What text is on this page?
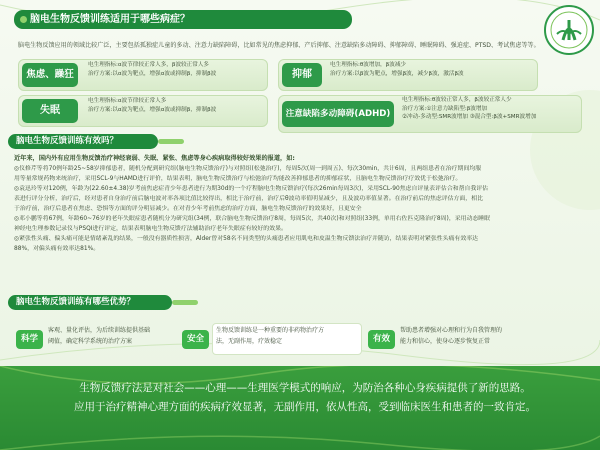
脑电生物反馈训练适用于哪些病症？
脑电生物反馈应用的领域比较广泛，主要包括孤独症儿童的多动、注意力缺陷障碍，比如常见的焦虑抑郁、产后抑郁、注意缺陷多动障碍、抑郁障碍、睡眠障碍、强迫症、PTSD、考试焦虑等等。
焦虑、躁狂
电生理指标:α波节律较正常人多，β波较正常人多
治疗方案:以α波为靶点，增强α波或抑制β，抑制β波
失眠
电生理指标:α波节律较正常人多
治疗方案:以α波为靶点，增强α波或抑制β，抑制β波
抑郁
电生理指标:θ波增加，β波减少
治疗方案:以β波为靶点，增强β波，减少β波，激活β波
注意缺陷多动障碍(ADHD)
电生理指标:θ波较正常人多，β波较正常人少
治疗方案:①注意力缺陷型:β波增加
②冲动-多动型:SMR波增加 ③混合型:β波+SMR波增加
脑电生物反馈训练有效吗？
近年来，国内外有应用生物反馈治疗神经衰弱、失眠、紧张、焦虑等身心疾病取得较好效果的报道，如:
◎仪修芹等将70例年龄25~58岁抑郁患者，随机分配到研究组(脑电生物反馈治疗)与对照组(松弛治疗)，每周5次(周一到周五)、每次30min，共计6周，且两组患者在治疗期间均服
用等量常规药物来统治疗，采用SCL-9与HAMD进行评价，结果表明，脑电生物反馈治疗与松弛治疗均能改善抑郁患者的抑郁症状，且脑电生物反馈治疗疗效优于松弛治疗。
◎袁迅玲等对120例，年龄为(22.60±4.38)岁考前焦虑症青少年患者进行为期30d的一个疗程脑电生物反馈治疗(每次26min每周3次)，采用SCL-90焦虑自评量表评估合和帮自我评估
表进行评分分析，治疗后，经对患者自身治疗前后脑电波对率各项比值比较得出，相比于治疗前，治疗后θ波功率值明显减少，且及波功率值显著。在治疗前后的焦虑评估方面，相比
于治疗前，治疗后患者在焦虑、恐惧等方面的评分明显减少。在对青少年考前焦虑的治疗方面，脑电生物反馈治疗的效果好，且更安全
◎邓小鹏等将67例，年龄60~76岁的老年失眠症患者随机分为研究组(34例，联合脑电生物反馈治疗8周，每周5次，共40次)和对照组(33例，单用右佐匹克隆治疗8周)，采用动态睡眠
神经电生理参数记录仪与PSQI进行评定，结果表明脑电生物反馈疗法辅助治疗老年失眠症有较好的效果。
◎紧张性头痛、偏头痛可能是情绪紊乱的结果，一般没有器质性损害，Alder曾对58名不同类型的头痛患者应用肌电和皮温生物反馈法治疗并随访，结果表明对紧张性头痛有效率达
88%，对偏头痛有效率达81%。
脑电生物反馈训练有哪些优势？
科学
客观、量化评估，为后续训练提供基础
阈值，确定科学系统的治疗方案	安全
生物反馈训练是一种重要的非药物治疗方
法，无副作用，疗效稳定	有效
帮助患者增强对心理和行为自我管理的
能力和信心，使身心逐步恢复正常
生物反馈疗法是对社会——心理——生理医学模式的响应，为防治各种心身疾病提供了新的思路。
应用于治疗精神心理方面的疾病疗效显著，无副作用，依从性高，受到临床医生和患者的一致肯定。
